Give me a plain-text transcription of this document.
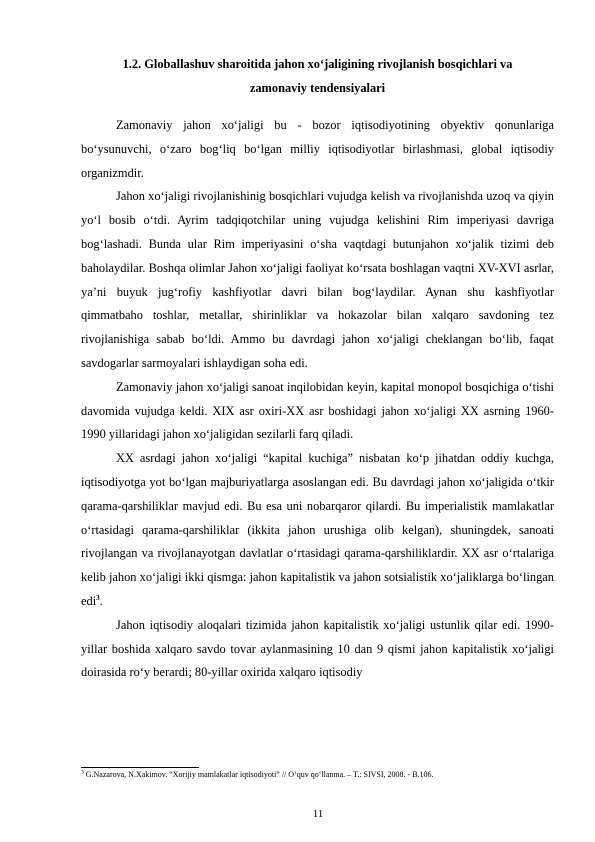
1.2. Globallashuv sharoitida jahon xo‘jaligining rivojlanish bosqichlari va
zamonaviy tendensiyalari

Zamonaviy jahon xo‘jaligi bu - bozor iqtisodiyotining obyektiv qonunlariga bo‘ysunuvchi, o‘zaro bog‘liq bo‘lgan milliy iqtisodiyotlar birlashmasi, global iqtisodiy organizmdir.

Jahon xo‘jaligi rivojlanishinig bosqichlari vujudga kelish va rivojlanishda uzoq va qiyin yo‘l bosib o‘tdi. Ayrim tadqiqotchilar uning vujudga kelishini Rim imperiyasi davriga bog‘lashadi. Bunda ular Rim imperiyasini o‘sha vaqtdagi butunjahon xo‘jalik tizimi deb baholaydilar. Boshqa olimlar Jahon xo‘jaligi faoliyat ko‘rsata boshlagan vaqtni XV-XVI asrlar, ya’ni buyuk jug‘rofiy kashfiyotlar davri bilan bog‘laydilar. Aynan shu kashfiyotlar qimmatbaho toshlar, metallar, shirinliklar va hokazolar bilan xalqaro savdoning tez rivojlanishiga sabab bo‘ldi. Ammo bu davrdagi jahon xo‘jaligi cheklangan bo‘lib, faqat savdogarlar sarmoyalari ishlaydigan soha edi.

Zamonaviy jahon xo‘jaligi sanoat inqilobidan keyin, kapital monopol bosqichiga o‘tishi davomida vujudga keldi. XIX asr oxiri-XX asr boshidagi jahon xo‘jaligi XX asrning 1960-1990 yillaridagi jahon xo‘jaligidan sezilarli farq qiladi.

XX asrdagi jahon xo‘jaligi “kapital kuchiga” nisbatan ko‘p jihatdan oddiy kuchga, iqtisodiyotga yot bo‘lgan majburiyatlarga asoslangan edi. Bu davrdagi jahon xo‘jaligida o‘tkir qarama-qarshiliklar mavjud edi. Bu esa uni nobarqaror qilardi. Bu imperialistik mamlakatlar o‘rtasidagi qarama-qarshiliklar (ikkita jahon urushiga olib kelgan), shuningdek, sanoati rivojlangan va rivojlanayotgan davlatlar o‘rtasidagi qarama-qarshiliklardir. XX asr o‘rtalariga kelib jahon xo‘jaligi ikki qismga: jahon kapitalistik va jahon sotsialistik xo‘jaliklarga bo‘lingan edi$^3$.

Jahon iqtisodiy aloqalari tizimida jahon kapitalistik xo‘jaligi ustunlik qilar edi. 1990-yillar boshida xalqaro savdo tovar aylanmasining 10 dan 9 qismi jahon kapitalistik xo‘jaligi doirasida ro‘y berardi; 80-yillar oxirida xalqaro iqtisodiy

$^3$ G.Nazarova, N.Xakimov. “Xorijiy mamlakatlar iqtisodiyoti” // O‘quv qo‘llanma. – T.: SIVSI, 2008. - B.106.
11
